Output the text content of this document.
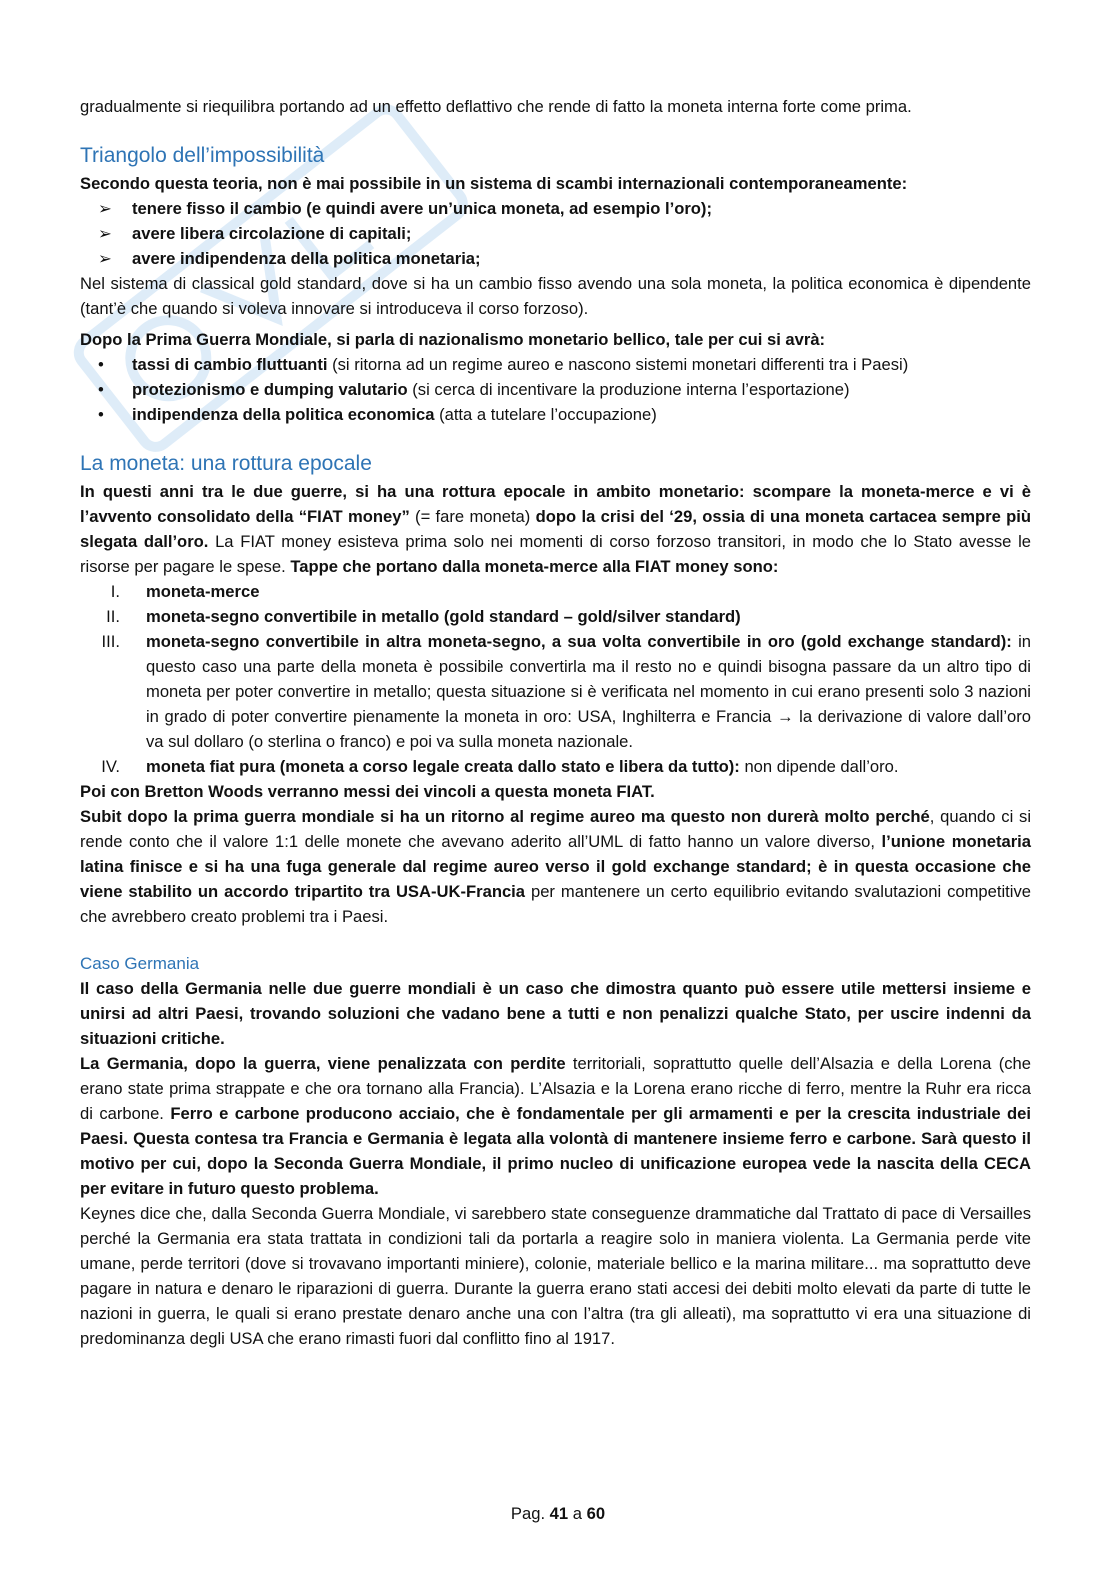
gradualmente si riequilibra portando ad un effetto deflattivo che rende di fatto la moneta interna forte come prima.

Triangolo dell’impossibilità

Secondo questa teoria, non è mai possibile in un sistema di scambi internazionali contemporaneamente:

➢ tenere fisso il cambio (e quindi avere un’unica moneta, ad esempio l’oro);
➢ avere libera circolazione di capitali;
➢ avere indipendenza della politica monetaria;

Nel sistema di classical gold standard, dove si ha un cambio fisso avendo una sola moneta, la politica economica è dipendente (tant’è che quando si voleva innovare si introduceva il corso forzoso).

Dopo la Prima Guerra Mondiale, si parla di nazionalismo monetario bellico, tale per cui si avrà:

• tassi di cambio fluttuanti (si ritorna ad un regime aureo e nascono sistemi monetari differenti tra i Paesi)
• protezionismo e dumping valutario (si cerca di incentivare la produzione interna l’esportazione)
• indipendenza della politica economica (atta a tutelare l’occupazione)
La moneta: una rottura epocale

In questi anni tra le due guerre, si ha una rottura epocale in ambito monetario: scompare la moneta-merce e vi è l’avvento consolidato della “FIAT money” (= fare moneta) dopo la crisi del ‘29, ossia di una moneta cartacea sempre più slegata dall’oro. La FIAT money esisteva prima solo nei momenti di corso forzoso transitori, in modo che lo Stato avesse le risorse per pagare le spese. Tappe che portano dalla moneta-merce alla FIAT money sono:

I. moneta-merce
II. moneta-segno convertibile in metallo (gold standard – gold/silver standard)
III. moneta-segno convertibile in altra moneta-segno, a sua volta convertibile in oro (gold exchange standard): in questo caso una parte della moneta è possibile convertirla ma il resto no e quindi bisogna passare da un altro tipo di moneta per poter convertire in metallo; questa situazione si è verificata nel momento in cui erano presenti solo 3 nazioni in grado di poter convertire pienamente la moneta in oro: USA, Inghilterra e Francia → la derivazione di valore dall’oro va sul dollaro (o sterlina o franco) e poi va sulla moneta nazionale.
IV. moneta fiat pura (moneta a corso legale creata dallo stato e libera da tutto): non dipende dall’oro.

Poi con Bretton Woods verranno messi dei vincoli a questa moneta FIAT.

Subit dopo la prima guerra mondiale si ha un ritorno al regime aureo ma questo non durerà molto perché, quando ci si rende conto che il valore 1:1 delle monete che avevano aderito all’UML di fatto hanno un valore diverso, l’unione monetaria latina finisce e si ha una fuga generale dal regime aureo verso il gold exchange standard; è in questa occasione che viene stabilito un accordo tripartito tra USA-UK-Francia per mantenere un certo equilibrio evitando svalutazioni competitive che avrebbero creato problemi tra i Paesi.

Caso Germania

Il caso della Germania nelle due guerre mondiali è un caso che dimostra quanto può essere utile mettersi insieme e unirsi ad altri Paesi, trovando soluzioni che vadano bene a tutti e non penalizzi qualche Stato, per uscire indenni da situazioni critiche.

La Germania, dopo la guerra, viene penalizzata con perdite territoriali, soprattutto quelle dell’Alsazia e della Lorena (che erano state prima strappate e che ora tornano alla Francia). L’Alsazia e la Lorena erano ricche di ferro, mentre la Ruhr era ricca di carbone. Ferro e carbone producono acciaio, che è fondamentale per gli armamenti e per la crescita industriale dei Paesi. Questa contesa tra Francia e Germania è legata alla volontà di mantenere insieme ferro e carbone. Sarà questo il motivo per cui, dopo la Seconda Guerra Mondiale, il primo nucleo di unificazione europea vede la nascita della CECA per evitare in futuro questo problema.

Keynes dice che, dalla Seconda Guerra Mondiale, vi sarebbero state conseguenze drammatiche dal Trattato di pace di Versailles perché la Germania era stata trattata in condizioni tali da portarla a reagire solo in maniera violenta. La Germania perde vite umane, perde territori (dove si trovavano importanti miniere), colonie, materiale bellico e la marina militare... ma soprattutto deve pagare in natura e denaro le riparazioni di guerra. Durante la guerra erano stati accesi dei debiti molto elevati da parte di tutte le nazioni in guerra, le quali si erano prestate denaro anche una con l’altra (tra gli alleati), ma soprattutto vi era una situazione di predominanza degli USA che erano rimasti fuori dal conflitto fino al 1917.

Pag. 41 a 60
